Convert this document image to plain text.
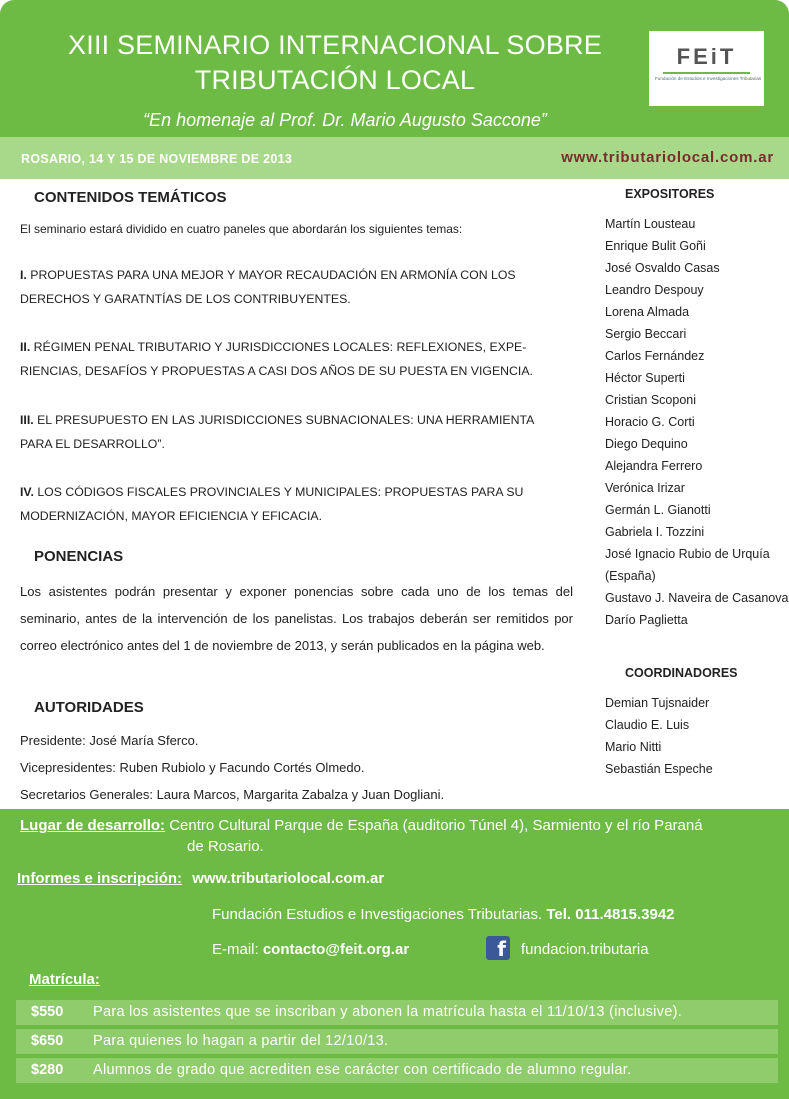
XIII SEMINARIO INTERNACIONAL SOBRE
TRIBUTACIÓN LOCAL
“En homenaje al Prof. Dr. Mario Augusto Saccone”
FEiT
Fundación de Estudios e Investigaciones Tributarias
ROSARIO, 14 Y 15 DE NOVIEMBRE DE 2013	www.tributariolocal.com.ar
CONTENIDOS TEMÁTICOS
El seminario estará dividido en cuatro paneles que abordarán los siguientes temas:
I. PROPUESTAS PARA UNA MEJOR Y MAYOR RECAUDACIÓN EN ARMONÍA CON LOS
DERECHOS Y GARATNTÍAS DE LOS CONTRIBUYENTES.
II. RÉGIMEN PENAL TRIBUTARIO Y JURISDICCIONES LOCALES: REFLEXIONES, EXPE-
RIENCIAS, DESAFÍOS Y PROPUESTAS A CASI DOS AÑOS DE SU PUESTA EN VIGENCIA.
III. EL PRESUPUESTO EN LAS JURISDICCIONES SUBNACIONALES: UNA HERRAMIENTA
PARA EL DESARROLLO”.
IV. LOS CÓDIGOS FISCALES PROVINCIALES Y MUNICIPALES: PROPUESTAS PARA SU
MODERNIZACIÓN, MAYOR EFICIENCIA Y EFICACIA.
PONENCIAS
Los asistentes podrán presentar y exponer ponencias sobre cada uno de los temas del seminario, antes de la intervención de los panelistas. Los trabajos deberán ser remitidos por correo electrónico antes del 1 de noviembre de 2013, y serán publicados en la página web.
AUTORIDADES
Presidente: José María Sferco.
Vicepresidentes: Ruben Rubiolo y Facundo Cortés Olmedo.
Secretarios Generales: Laura Marcos, Margarita Zabalza y Juan Dogliani.
EXPOSITORES
Martín Lousteau
Enrique Bulit Goñi
José Osvaldo Casas
Leandro Despouy
Lorena Almada
Sergio Beccari
Carlos Fernández
Héctor Superti
Cristian Scoponi
Horacio G. Corti
Diego Dequino
Alejandra Ferrero
Verónica Irizar
Germán L. Gianotti
Gabriela I. Tozzini
José Ignacio Rubio de Urquía
(España)
Gustavo J. Naveira de Casanova
Darío Paglietta
COORDINADORES
Demian Tujsnaider
Claudio E. Luis
Mario Nitti
Sebastián Espeche
Lugar de desarrollo: Centro Cultural Parque de España (auditorio Túnel 4), Sarmiento y el río Paraná
de Rosario.
Informes e inscripción: www.tributariolocal.com.ar
Fundación Estudios e Investigaciones Tributarias. Tel. 011.4815.3942
E-mail: contacto@feit.org.ar	f fundacion.tributaria
Matrícula:
$550 Para los asistentes que se inscriban y abonen la matrícula hasta el 11/10/13 (inclusive).
$650 Para quienes lo hagan a partir del 12/10/13.
$280 Alumnos de grado que acrediten ese carácter con certificado de alumno regular.
